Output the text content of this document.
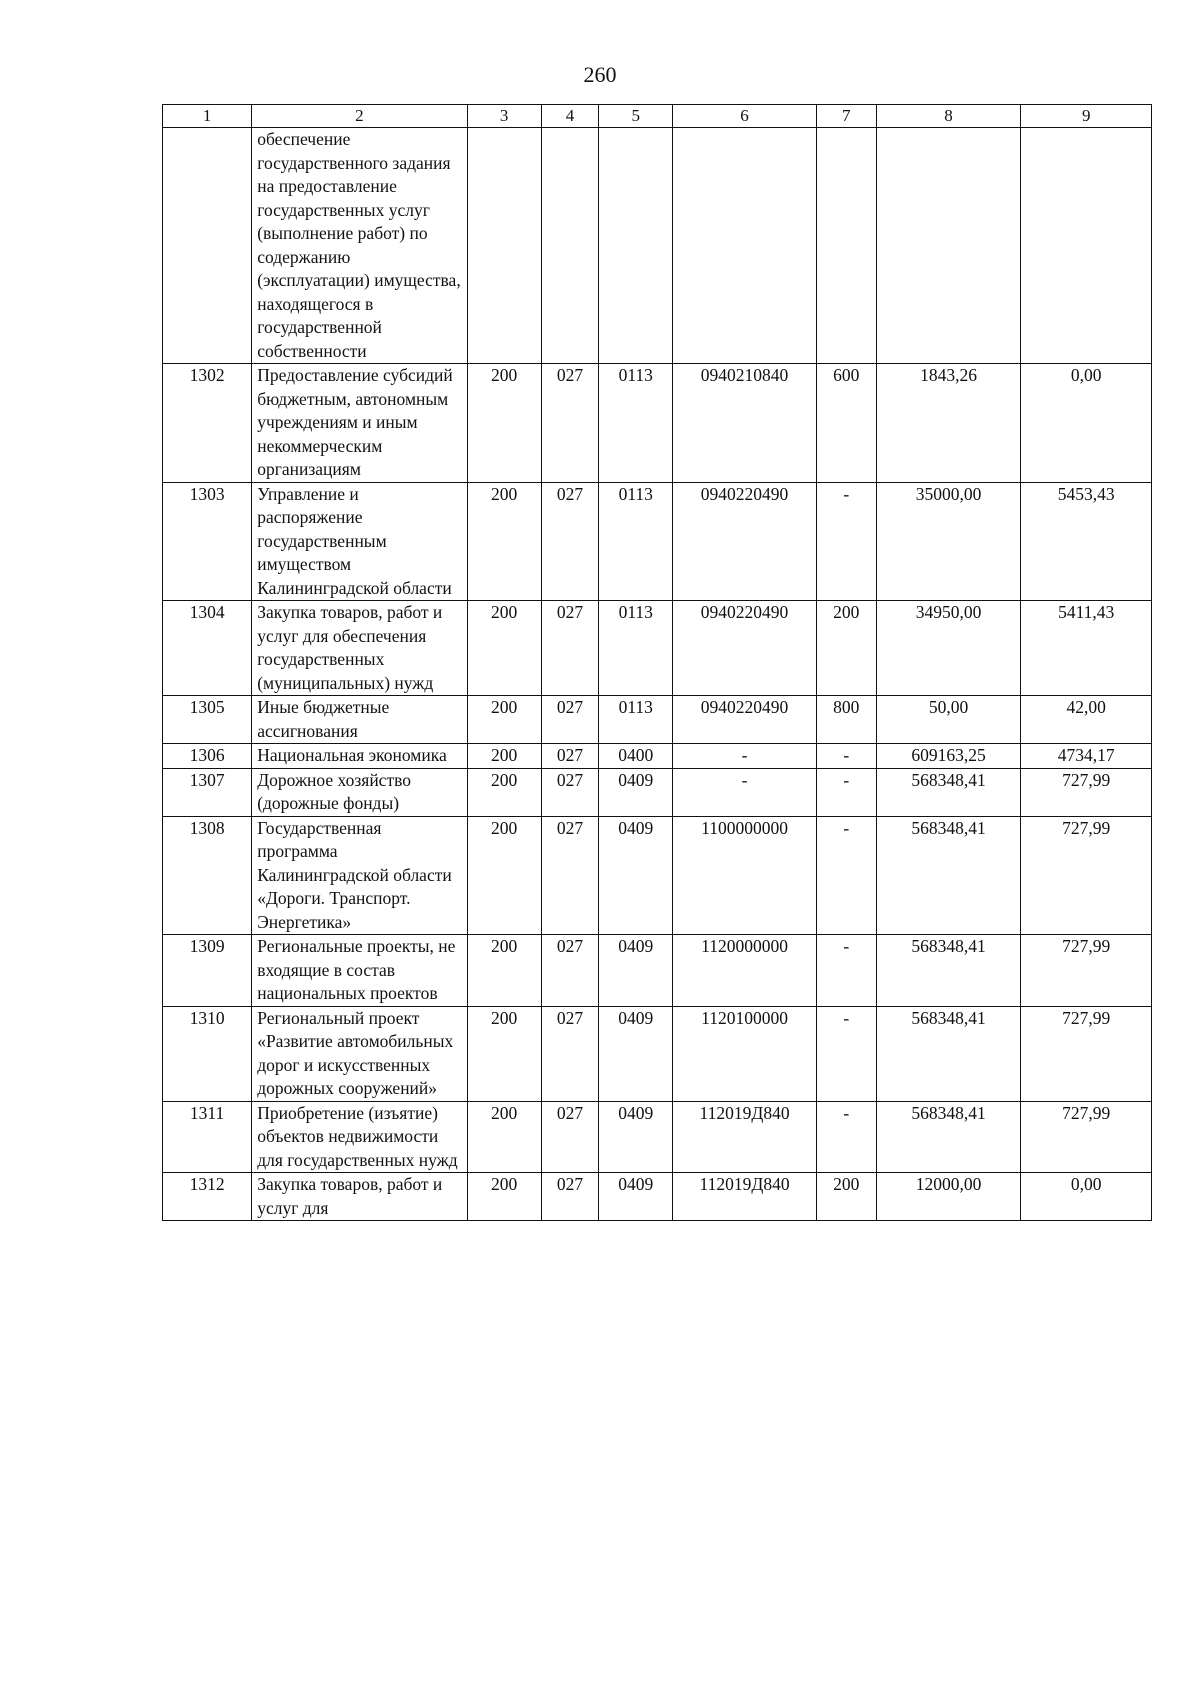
260
1	2	3	4	5	6	7	8	9
	обеспечение государственного задания на предоставление государственных услуг (выполнение работ) по содержанию (эксплуатации) имущества, находящегося в государственной собственности							
1302	Предоставление субсидий бюджетным, автономным учреждениям и иным некоммерческим организациям	200	027	0113	0940210840	600	1843,26	0,00
1303	Управление и распоряжение государственным имуществом Калининградской области	200	027	0113	0940220490	-	35000,00	5453,43
1304	Закупка товаров, работ и услуг для обеспечения государственных (муниципальных) нужд	200	027	0113	0940220490	200	34950,00	5411,43
1305	Иные бюджетные ассигнования	200	027	0113	0940220490	800	50,00	42,00
1306	Национальная экономика	200	027	0400	-	-	609163,25	4734,17
1307	Дорожное хозяйство (дорожные фонды)	200	027	0409	-	-	568348,41	727,99
1308	Государственная программа Калининградской области «Дороги. Транспорт. Энергетика»	200	027	0409	1100000000	-	568348,41	727,99
1309	Региональные проекты, не входящие в состав национальных проектов	200	027	0409	1120000000	-	568348,41	727,99
1310	Региональный проект «Развитие автомобильных дорог и искусственных дорожных сооружений»	200	027	0409	1120100000	-	568348,41	727,99
1311	Приобретение (изъятие) объектов недвижимости для государственных нужд	200	027	0409	112019Д840	-	568348,41	727,99
1312	Закупка товаров, работ и услуг для	200	027	0409	112019Д840	200	12000,00	0,00
